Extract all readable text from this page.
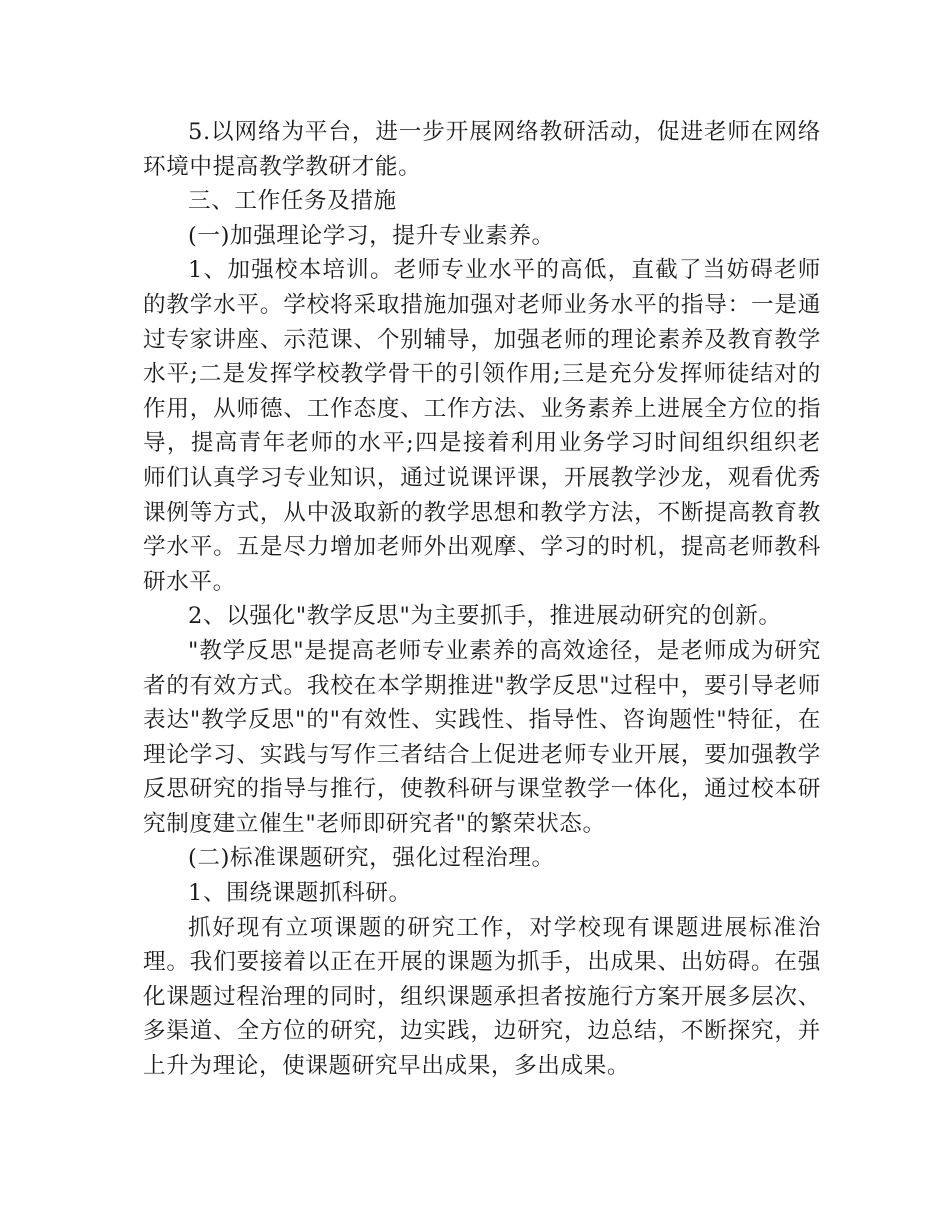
5.以网络为平台，进一步开展网络教研活动，促进老师在网络环境中提高教学教研才能。

三、工作任务及措施

(一)加强理论学习，提升专业素养。

1、加强校本培训。老师专业水平的高低，直截了当妨碍老师的教学水平。学校将采取措施加强对老师业务水平的指导：一是通过专家讲座、示范课、个别辅导，加强老师的理论素养及教育教学水平;二是发挥学校教学骨干的引领作用;三是充分发挥师徒结对的作用，从师德、工作态度、工作方法、业务素养上进展全方位的指导，提高青年老师的水平;四是接着利用业务学习时间组织组织老师们认真学习专业知识，通过说课评课，开展教学沙龙，观看优秀课例等方式，从中汲取新的教学思想和教学方法，不断提高教育教学水平。五是尽力增加老师外出观摩、学习的时机，提高老师教科研水平。

2、以强化"教学反思"为主要抓手，推进展动研究的创新。

"教学反思"是提高老师专业素养的高效途径，是老师成为研究者的有效方式。我校在本学期推进"教学反思"过程中，要引导老师表达"教学反思"的"有效性、实践性、指导性、咨询题性"特征，在理论学习、实践与写作三者结合上促进老师专业开展，要加强教学反思研究的指导与推行，使教科研与课堂教学一体化，通过校本研究制度建立催生"老师即研究者"的繁荣状态。

(二)标准课题研究，强化过程治理。

1、围绕课题抓科研。

抓好现有立项课题的研究工作，对学校现有课题进展标准治理。我们要接着以正在开展的课题为抓手，出成果、出妨碍。在强化课题过程治理的同时，组织课题承担者按施行方案开展多层次、多渠道、全方位的研究，边实践，边研究，边总结，不断探究，并上升为理论，使课题研究早出成果，多出成果。
